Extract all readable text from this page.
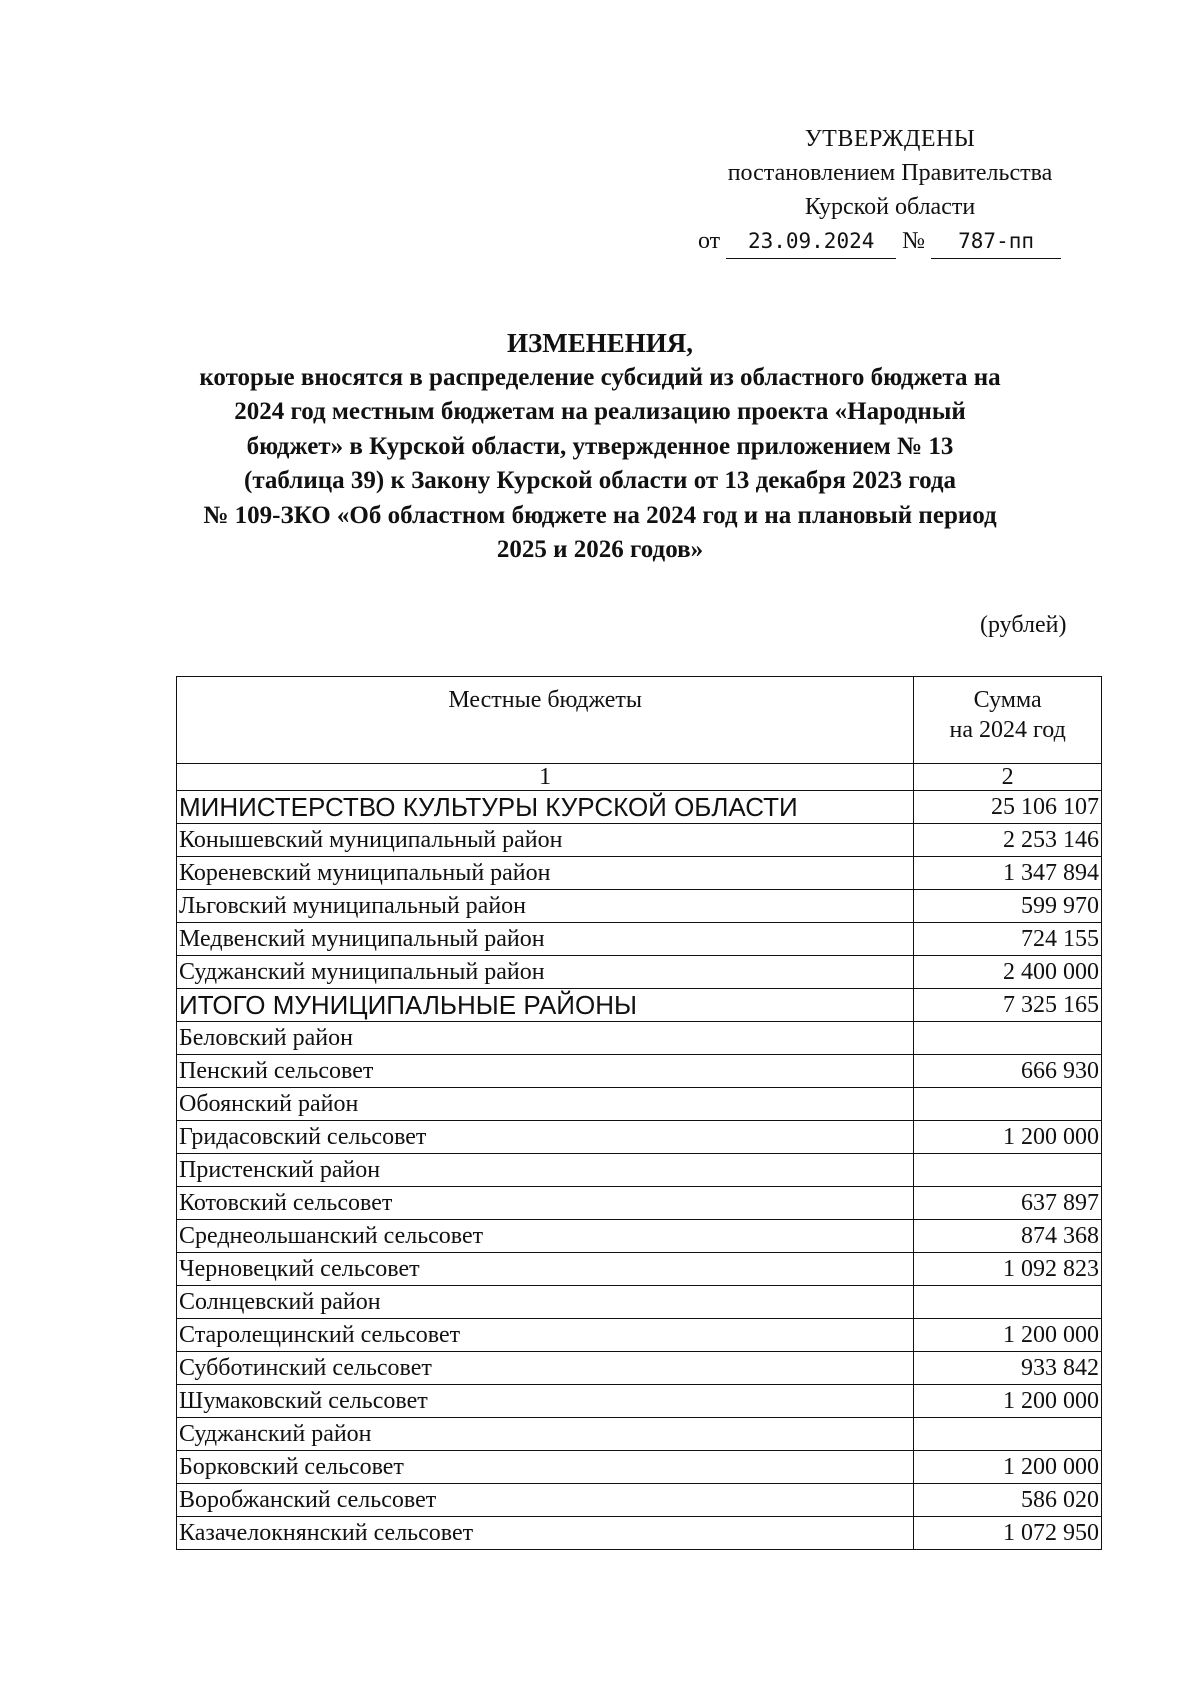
УТВЕРЖДЕНЫ
постановлением Правительства
Курской области
от 23.09.2024 № 787-пп
ИЗМЕНЕНИЯ,
которые вносятся в распределение субсидий из областного бюджета на
2024 год местным бюджетам на реализацию проекта «Народный
бюджет» в Курской области, утвержденное приложением № 13
(таблица 39) к Закону Курской области от 13 декабря 2023 года
№ 109-ЗКО «Об областном бюджете на 2024 год и на плановый период
2025 и 2026 годов»
(рублей)
Местные бюджеты	Сумма
на 2024 год

1	2
МИНИСТЕРСТВО КУЛЬТУРЫ КУРСКОЙ ОБЛАСТИ	25 106 107
Конышевский муниципальный район	2 253 146
Кореневский муниципальный район	1 347 894
Льговский муниципальный район	599 970
Медвенский муниципальный район	724 155
Суджанский муниципальный район	2 400 000
ИТОГО МУНИЦИПАЛЬНЫЕ РАЙОНЫ	7 325 165
Беловский район	
Пенский сельсовет	666 930
Обоянский район	
Гридасовский сельсовет	1 200 000
Пристенский район	
Котовский сельсовет	637 897
Среднеольшанский сельсовет	874 368
Черновецкий сельсовет	1 092 823
Солнцевский район	
Старолещинский сельсовет	1 200 000
Субботинский сельсовет	933 842
Шумаковский сельсовет	1 200 000
Суджанский район	
Борковский сельсовет	1 200 000
Воробжанский сельсовет	586 020
Казачелокнянский сельсовет	1 072 950
